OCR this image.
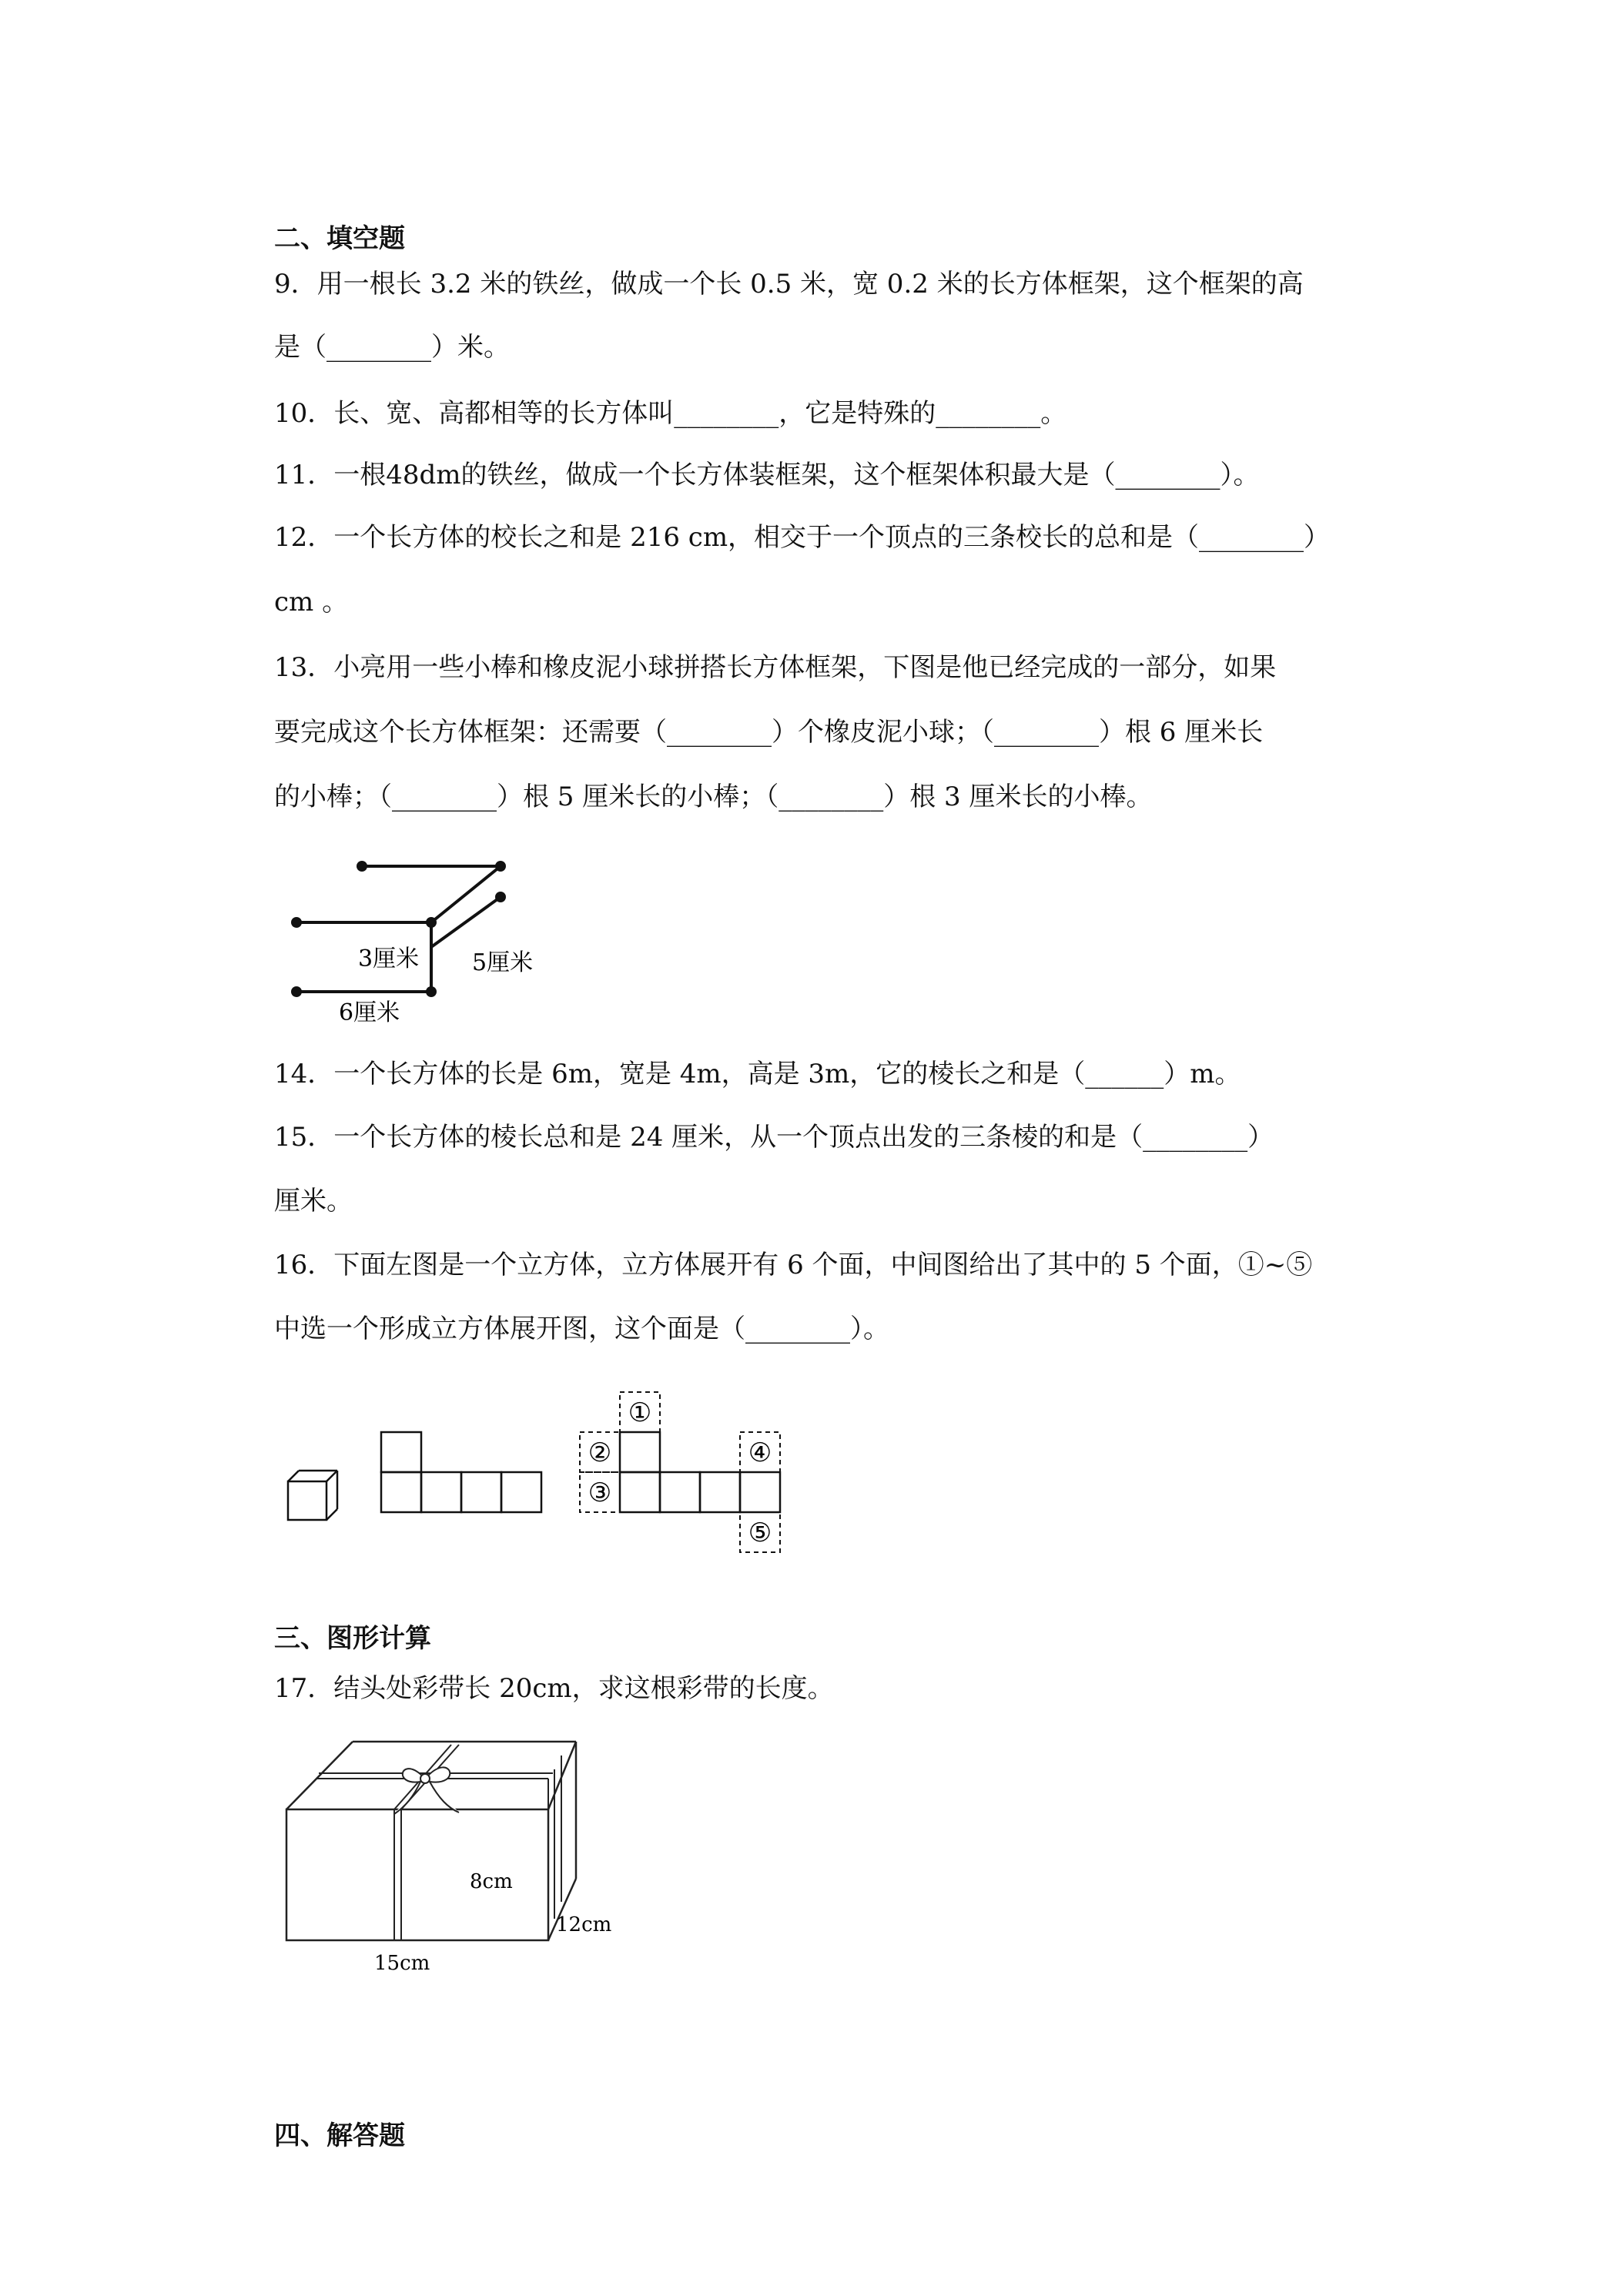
二、填空题
9．用一根长 3.2 米的铁丝，做成一个长 0.5 米，宽 0.2 米的长方体框架，这个框架的高
是（________）米。
10．长、宽、高都相等的长方体叫________，它是特殊的________。
11．一根48dm的铁丝，做成一个长方体装框架，这个框架体积最大是（________）。
12．一个长方体的校长之和是 216 cm，相交于一个顶点的三条校长的总和是（________）
cm 。
13．小亮用一些小棒和橡皮泥小球拼搭长方体框架，下图是他已经完成的一部分，如果
要完成这个长方体框架：还需要（________）个橡皮泥小球；（________）根 6 厘米长
的小棒；（________）根 5 厘米长的小棒；（________）根 3 厘米长的小棒。
3厘米 5厘米
6厘米
14．一个长方体的长是 6m，宽是 4m，高是 3m，它的棱长之和是（______）m。
15．一个长方体的棱长总和是 24 厘米，从一个顶点出发的三条棱的和是（________）
厘米。
16．下面左图是一个立方体，立方体展开有 6 个面，中间图给出了其中的 5 个面，①~⑤
中选一个形成立方体展开图，这个面是（________）。
①
②
③
④
⑤
三、图形计算
17．结头处彩带长 20cm，求这根彩带的长度。
8cm
12cm
15cm
四、解答题
